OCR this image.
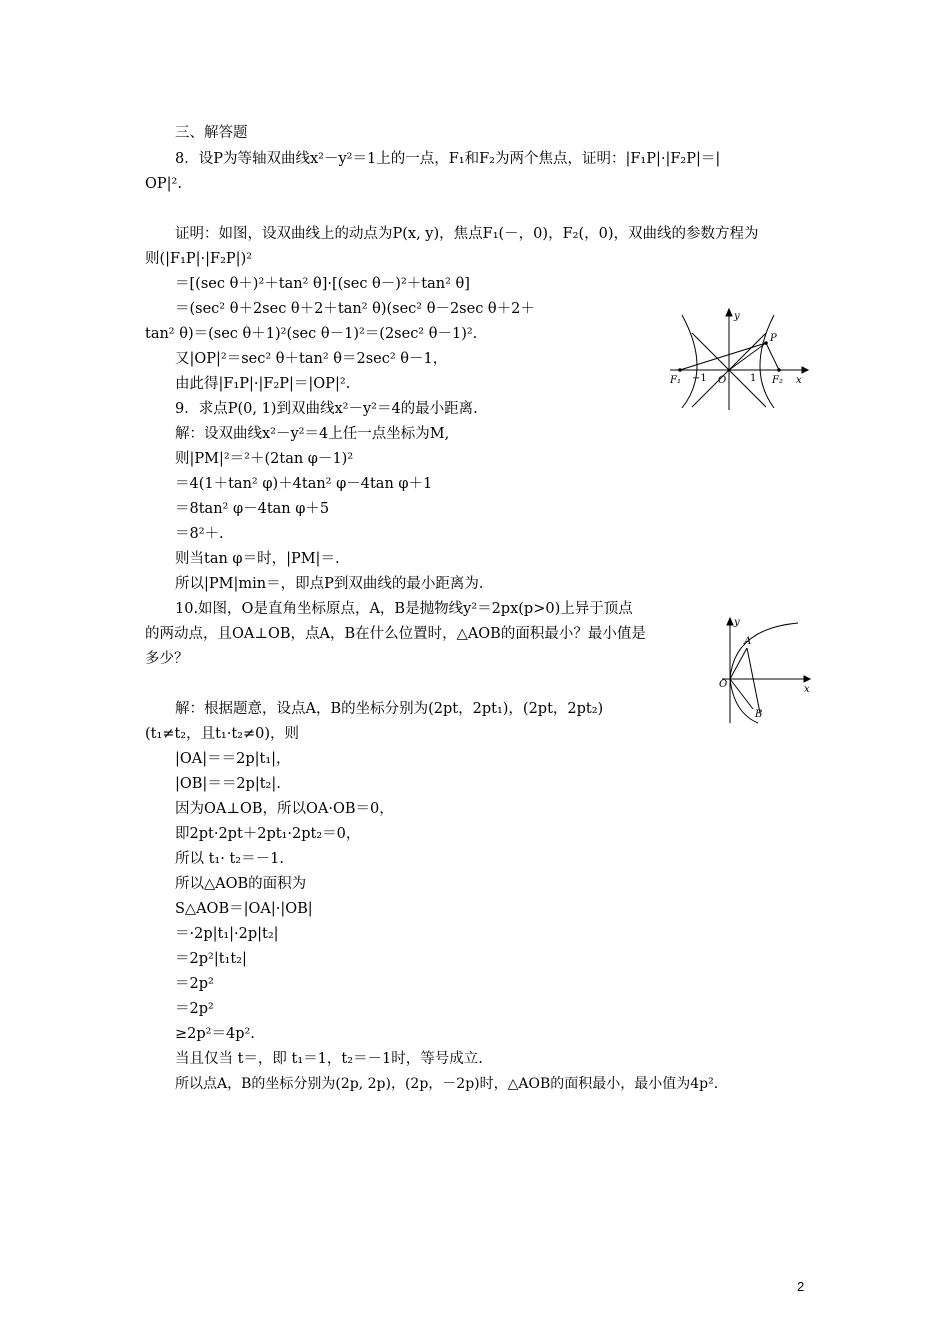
三、解答题
8．设P为等轴双曲线x²－y²＝1上的一点，F₁和F₂为两个焦点，证明：|F₁P|·|F₂P|＝|
OP|².
证明：如图，设双曲线上的动点为P(x, y)，焦点F₁(－，0)，F₂(，0)，双曲线的参数方程为
则(|F₁P|·|F₂P|)²
＝[(sec θ＋)²＋tan² θ]·[(sec θ－)²＋tan² θ]
＝(sec² θ＋2sec θ＋2＋tan² θ)(sec² θ－2sec θ＋2＋
tan² θ)＝(sec θ＋1)²(sec θ－1)²＝(2sec² θ－1)².
又|OP|²＝sec² θ＋tan² θ＝2sec² θ－1，
由此得|F₁P|·|F₂P|＝|OP|².
y
P
F₁ −1 O 1 F₂ x
9．求点P(0, 1)到双曲线x²－y²＝4的最小距离.
解：设双曲线x²－y²＝4上任一点坐标为M,
则|PM|²＝²＋(2tan φ－1)²
＝4(1＋tan² φ)＋4tan² φ－4tan φ＋1
＝8tan² φ－4tan φ＋5
＝8²＋.
则当tan φ＝时，|PM|＝.
所以|PM|min＝，即点P到双曲线的最小距离为.
10.如图，O是直角坐标原点，A，B是抛物线y²＝2px(p>0)上异于顶点
的两动点，且OA⊥OB，点A，B在什么位置时，△AOB的面积最小？最小值是
多少？
y
A
O	x
B
解：根据题意，设点A，B的坐标分别为(2pt，2pt₁)，(2pt，2pt₂)
(t₁≠t₂，且t₁·t₂≠0)，则
|OA|＝＝2p|t₁|，
|OB|＝＝2p|t₂|.
因为OA⊥OB，所以OA·OB＝0，
即2pt·2pt＋2pt₁·2pt₂＝0，
所以 t₁· t₂＝－1.
所以△AOB的面积为
S△AOB＝|OA|·|OB|
＝·2p|t₁|·2p|t₂|
＝2p²|t₁t₂|
＝2p²
＝2p²
≥2p²＝4p².
当且仅当 t＝，即 t₁＝1，t₂＝－1时，等号成立.
所以点A，B的坐标分别为(2p, 2p)，(2p，－2p)时，△AOB的面积最小，最小值为4p².
2
